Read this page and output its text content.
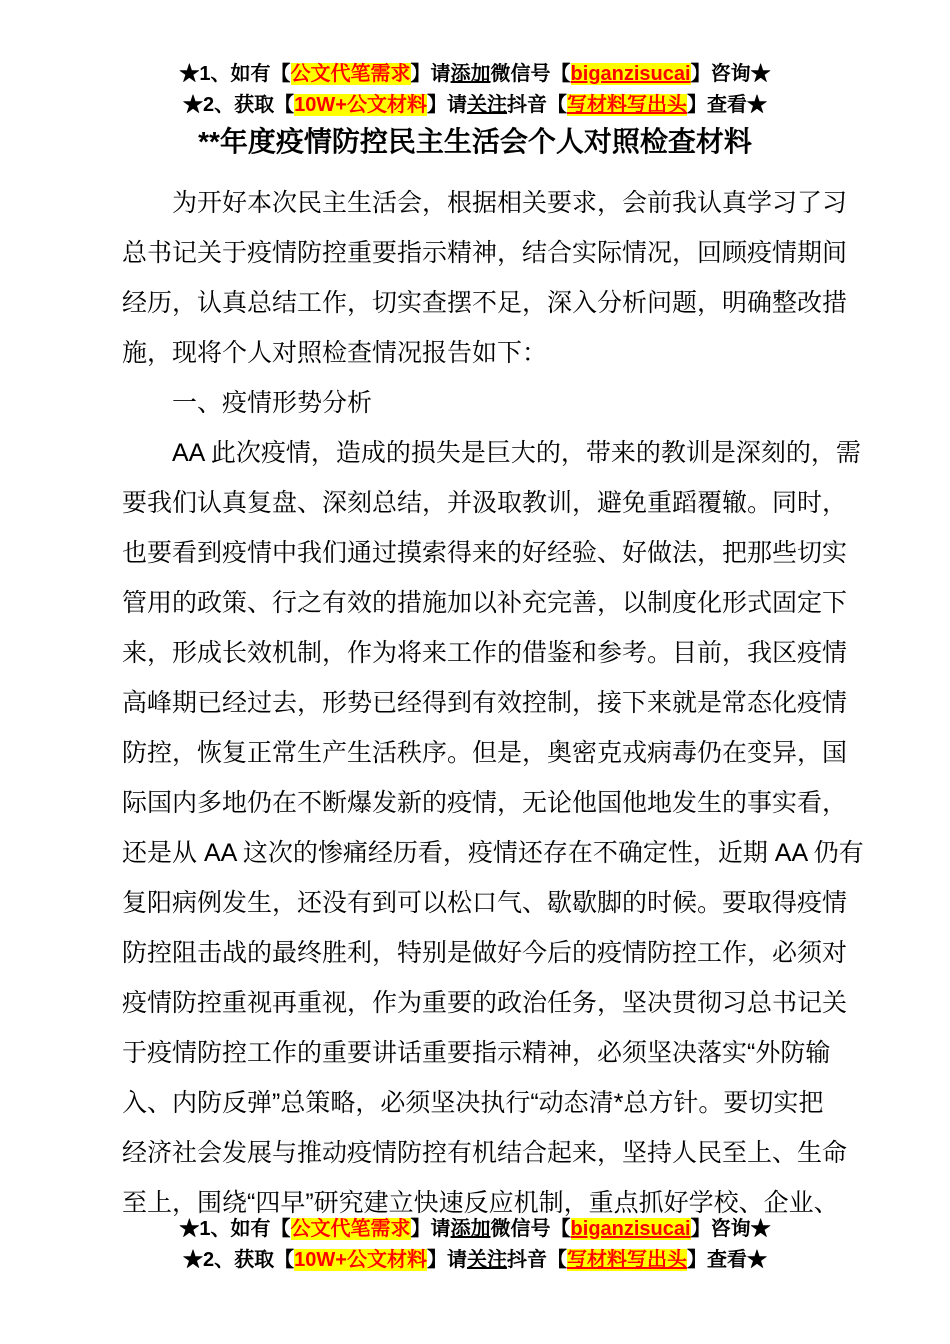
★1、如有【公文代笔需求】请添加微信号【biganzisucai】咨询★
★2、获取【10W+公文材料】请关注抖音【写材料写出头】查看★
**年度疫情防控民主生活会个人对照检查材料
为开好本次民主生活会，根据相关要求，会前我认真学习了习
总书记关于疫情防控重要指示精神，结合实际情况，回顾疫情期间
经历，认真总结工作，切实查摆不足，深入分析问题，明确整改措
施，现将个人对照检查情况报告如下：
一、疫情形势分析
AA 此次疫情，造成的损失是巨大的，带来的教训是深刻的，需
要我们认真复盘、深刻总结，并汲取教训，避免重蹈覆辙。同时，
也要看到疫情中我们通过摸索得来的好经验、好做法，把那些切实
管用的政策、行之有效的措施加以补充完善，以制度化形式固定下
来，形成长效机制，作为将来工作的借鉴和参考。目前，我区疫情
高峰期已经过去，形势已经得到有效控制，接下来就是常态化疫情
防控，恢复正常生产生活秩序。但是，奥密克戎病毒仍在变异，国
际国内多地仍在不断爆发新的疫情，无论他国他地发生的事实看，
还是从 AA 这次的惨痛经历看，疫情还存在不确定性，近期 AA 仍有
复阳病例发生，还没有到可以松口气、歇歇脚的时候。要取得疫情
防控阻击战的最终胜利，特别是做好今后的疫情防控工作，必须对
疫情防控重视再重视，作为重要的政治任务，坚决贯彻习总书记关
于疫情防控工作的重要讲话重要指示精神，必须坚决落实“外防输
入、内防反弹”总策略，必须坚决执行“动态清*总方针。要切实把
经济社会发展与推动疫情防控有机结合起来，坚持人民至上、生命
至上，围绕“四早”研究建立快速反应机制，重点抓好学校、企业、
★1、如有【公文代笔需求】请添加微信号【biganzisucai】咨询★
★2、获取【10W+公文材料】请关注抖音【写材料写出头】查看★
